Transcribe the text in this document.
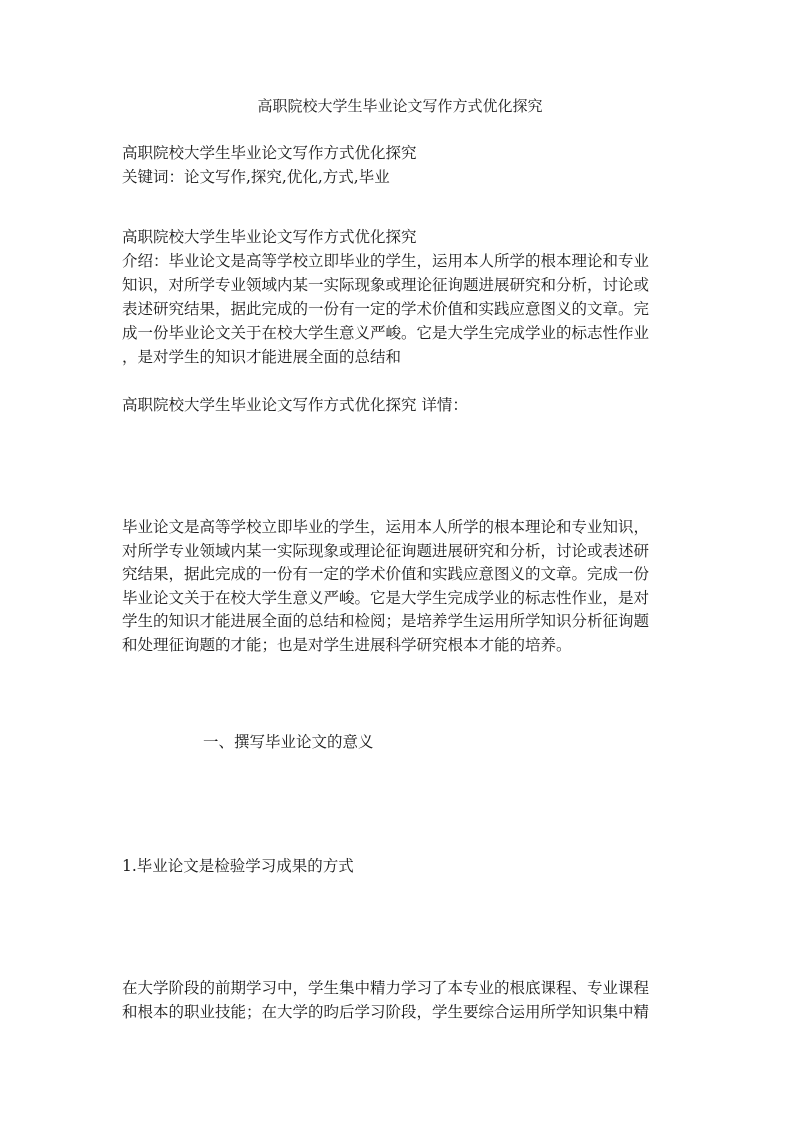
高职院校大学生毕业论文写作方式优化探究

高职院校大学生毕业论文写作方式优化探究

关键词：论文写作,探究,优化,方式,毕业

高职院校大学生毕业论文写作方式优化探究

介绍：毕业论文是高等学校立即毕业的学生，运用本人所学的根本理论和专业

知识，对所学专业领域内某一实际现象或理论征询题进展研究和分析，讨论或

表述研究结果，据此完成的一份有一定的学术价值和实践应意图义的文章。完

成一份毕业论文关于在校大学生意义严峻。它是大学生完成学业的标志性作业

，是对学生的知识才能进展全面的总结和

高职院校大学生毕业论文写作方式优化探究 详情：

毕业论文是高等学校立即毕业的学生，运用本人所学的根本理论和专业知识，

对所学专业领域内某一实际现象或理论征询题进展研究和分析，讨论或表述研

究结果，据此完成的一份有一定的学术价值和实践应意图义的文章。完成一份

毕业论文关于在校大学生意义严峻。它是大学生完成学业的标志性作业，是对

学生的知识才能进展全面的总结和检阅；是培养学生运用所学知识分析征询题

和处理征询题的才能；也是对学生进展科学研究根本才能的培养。

一、撰写毕业论文的意义

1.毕业论文是检验学习成果的方式

在大学阶段的前期学习中，学生集中精力学习了本专业的根底课程、专业课程

和根本的职业技能；在大学的昀后学习阶段，学生要综合运用所学知识集中精
